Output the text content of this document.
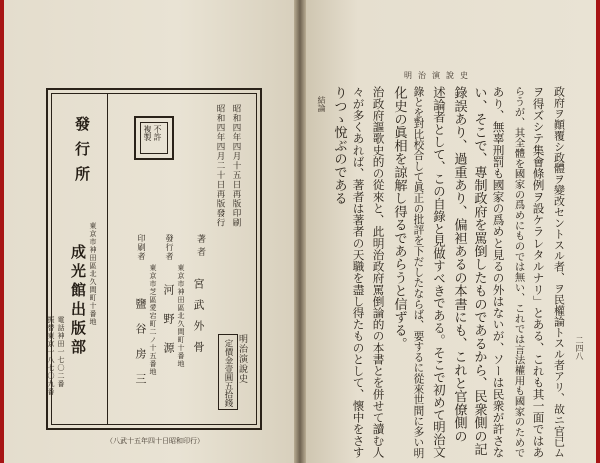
發行所
東京市神田區北久間町十番地
成光館出版部
電話神田一七〇二番
振替東京一八七〇九番
不許
複製	昭和四年四月十五日再版印刷
昭和四年四月二十日再版發行
著者
宮武外骨
發行者
東京市神田區北久間町十番地
河野源
印刷者
東京市芝區愛宕町二ノ十五番地
鹽谷房三	明治演說史
定價金壹圓五拾錢
（八武十五年四十日昭和印行）
明治演說史
結論
二四八
政府ヲ顚覆シ政體ヲ變改セントスル者、ヲ民權論トスル者アリ、故ニ官已ム
ヲ得ズシテ集會條例ヲ設ケラレタルナリ」とある、これも其一面ではあ
らうが、其全體を國家の爲めにものでは無い、これでは言法權用も國家のためで
あり、無辜刑罰も國家の爲めと見るの外はないが、ソーは民衆が許さな
い、そこで、專制政府を罵倒したものであるから、民衆側の記
錄誤あり、過重あり、偏袒あるの本書にも、これと官僚側の
述論者として、この自錄と見做すべきである。そこで初めて明治文
錄とを對比校合して眞正の批評を下だしたならば、要するに從來世間に多い明
化史の眞相を諒解し得るであらうと信ずる。
治政府謳歌史的の從來と、此明治政府罵倒論的の本書とを併せて讀む人
々が多くあれば、著者は著者の天職を盡し得たものとして、懷中をさす
りつゝ悅ぶのである
